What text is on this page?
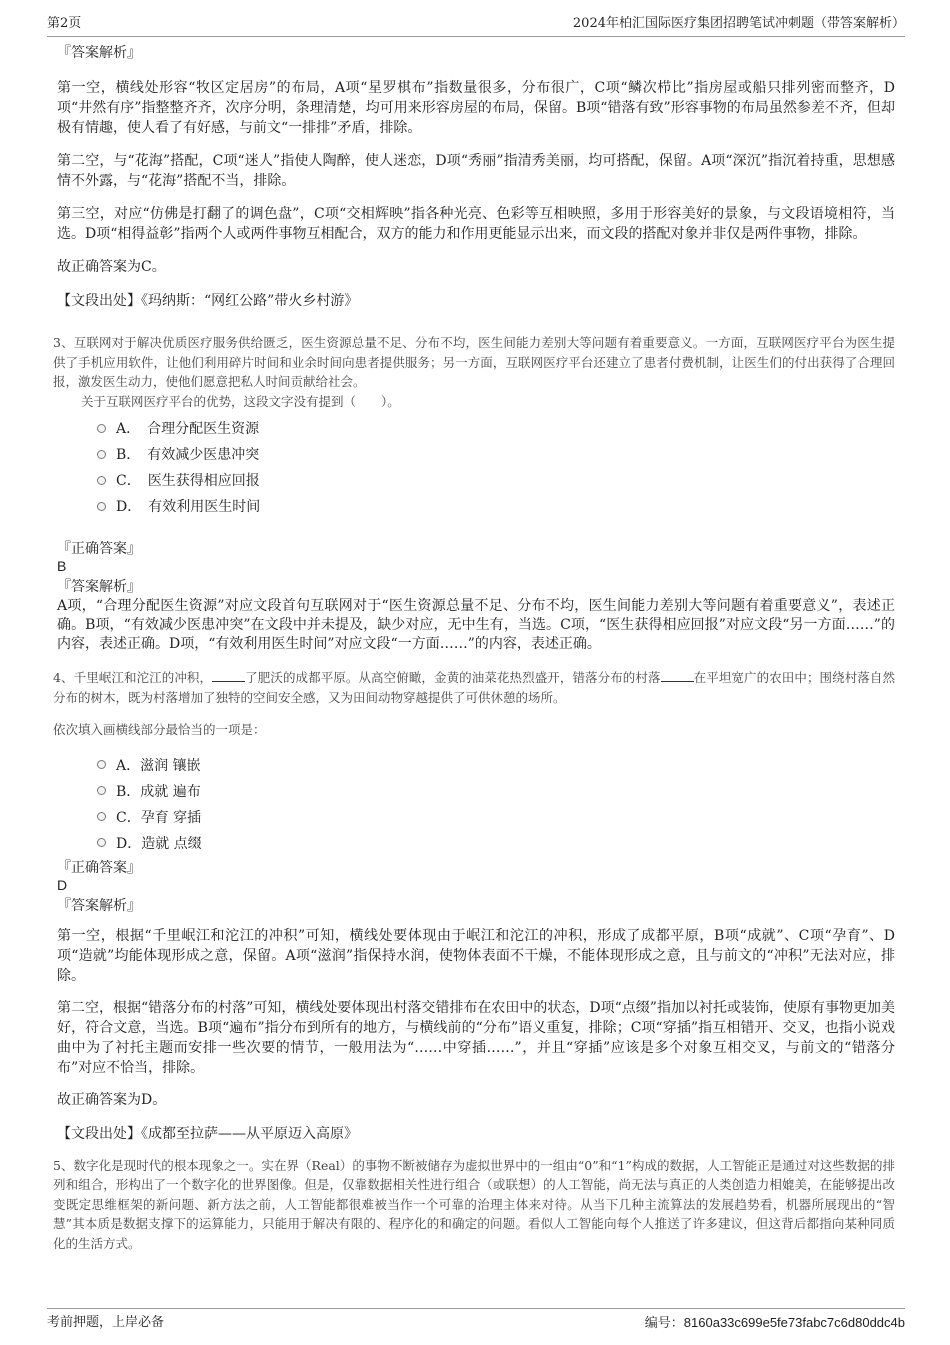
第2页	2024年柏汇国际医疗集团招聘笔试冲刺题（带答案解析）

『答案解析』

第一空，横线处形容“牧区定居房”的布局，A项“星罗棋布”指数量很多，分布很广，C项“鳞次栉比”指房屋或船只排列密而整齐，D项“井然有序”指整整齐齐，次序分明，条理清楚，均可用来形容房屋的布局，保留。B项“错落有致”形容事物的布局虽然参差不齐，但却极有情趣，使人看了有好感，与前文“一排排”矛盾，排除。

第二空，与“花海”搭配，C项“迷人”指使人陶醉，使人迷恋，D项“秀丽”指清秀美丽，均可搭配，保留。A项“深沉”指沉着持重，思想感情不外露，与“花海”搭配不当，排除。

第三空，对应“仿佛是打翻了的调色盘”，C项“交相辉映”指各种光亮、色彩等互相映照，多用于形容美好的景象，与文段语境相符，当选。D项“相得益彰”指两个人或两件事物互相配合，双方的能力和作用更能显示出来，而文段的搭配对象并非仅是两件事物，排除。

故正确答案为C。

【文段出处】《玛纳斯：“网红公路”带火乡村游》

3、互联网对于解决优质医疗服务供给匮乏，医生资源总量不足、分布不均，医生间能力差别大等问题有着重要意义。一方面，互联网医疗平台为医生提供了手机应用软件，让他们利用碎片时间和业余时间向患者提供服务；另一方面，互联网医疗平台还建立了患者付费机制，让医生们的付出获得了合理回报，激发医生动力，使他们愿意把私人时间贡献给社会。

关于互联网医疗平台的优势，这段文字没有提到（　　）。

A．　合理分配医生资源
B．　有效减少医患冲突
C．　医生获得相应回报
D．　有效利用医生时间

『正确答案』

B

『答案解析』

A项，“合理分配医生资源”对应文段首句互联网对于“医生资源总量不足、分布不均，医生间能力差别大等问题有着重要意义”，表述正确。B项，“有效减少医患冲突”在文段中并未提及，缺少对应，无中生有，当选。C项，“医生获得相应回报”对应文段“另一方面……”的内容，表述正确。D项，“有效利用医生时间”对应文段“一方面……”的内容，表述正确。

4、千里岷江和沱江的冲积，	了肥沃的成都平原。从高空俯瞰，金黄的油菜花热烈盛开，错落分布的村落	在平坦宽广的农田中；围绕村落自然分布的树木，既为村落增加了独特的空间安全感，又为田间动物穿越提供了可供休憩的场所。

依次填入画横线部分最恰当的一项是：

A．滋润 镶嵌
B．成就 遍布
C．孕育 穿插
D．造就 点缀

『正确答案』

D

『答案解析』

第一空，根据“千里岷江和沱江的冲积”可知，横线处要体现由于岷江和沱江的冲积，形成了成都平原，B项“成就”、C项“孕育”、D项“造就”均能体现形成之意，保留。A项“滋润”指保持水润，使物体表面不干燥，不能体现形成之意，且与前文的“冲积”无法对应，排除。

第二空，根据“错落分布的村落”可知，横线处要体现出村落交错排布在农田中的状态，D项“点缀”指加以衬托或装饰，使原有事物更加美好，符合文意，当选。B项“遍布”指分布到所有的地方，与横线前的“分布”语义重复，排除；C项“穿插”指互相错开、交叉，也指小说戏曲中为了衬托主题而安排一些次要的情节，一般用法为“……中穿插……”，并且“穿插”应该是多个对象互相交叉，与前文的“错落分布”对应不恰当，排除。

故正确答案为D。

【文段出处】《成都至拉萨——从平原迈入高原》

5、数字化是现时代的根本现象之一。实在界（Real）的事物不断被储存为虚拟世界中的一组由“0”和“1”构成的数据，人工智能正是通过对这些数据的排列和组合，形构出了一个数字化的世界图像。但是，仅靠数据相关性进行组合（或联想）的人工智能，尚无法与真正的人类创造力相媲美，在能够提出改变既定思维框架的新问题、新方法之前，人工智能都很难被当作一个可靠的治理主体来对待。从当下几种主流算法的发展趋势看，机器所展现出的“智慧”其本质是数据支撑下的运算能力，只能用于解决有限的、程序化的和确定的问题。看似人工智能向每个人推送了许多建议，但这背后都指向某种同质化的生活方式。

考前押题，上岸必备	编号：8160a33c699e5fe73fabc7c6d80ddc4b
